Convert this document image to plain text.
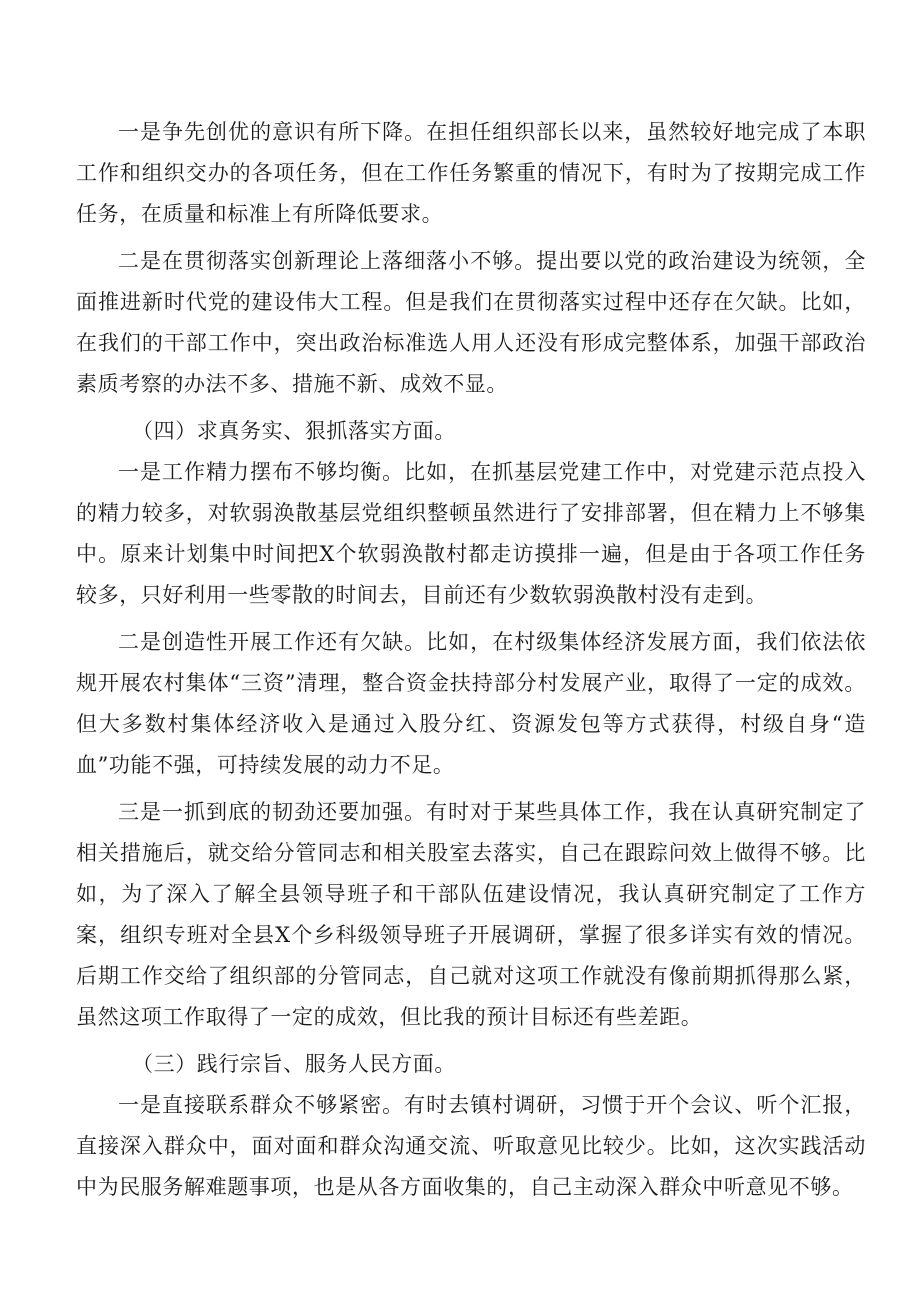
一是争先创优的意识有所下降。在担任组织部长以来，虽然较好地完成了本职工作和组织交办的各项任务，但在工作任务繁重的情况下，有时为了按期完成工作任务，在质量和标准上有所降低要求。

二是在贯彻落实创新理论上落细落小不够。提出要以党的政治建设为统领，全面推进新时代党的建设伟大工程。但是我们在贯彻落实过程中还存在欠缺。比如，在我们的干部工作中，突出政治标准选人用人还没有形成完整体系，加强干部政治素质考察的办法不多、措施不新、成效不显。

（四）求真务实、狠抓落实方面。

一是工作精力摆布不够均衡。比如，在抓基层党建工作中，对党建示范点投入的精力较多，对软弱涣散基层党组织整顿虽然进行了安排部署，但在精力上不够集中。原来计划集中时间把X个软弱涣散村都走访摸排一遍，但是由于各项工作任务较多，只好利用一些零散的时间去，目前还有少数软弱涣散村没有走到。

二是创造性开展工作还有欠缺。比如，在村级集体经济发展方面，我们依法依规开展农村集体“三资”清理，整合资金扶持部分村发展产业，取得了一定的成效。但大多数村集体经济收入是通过入股分红、资源发包等方式获得，村级自身“造血”功能不强，可持续发展的动力不足。

三是一抓到底的韧劲还要加强。有时对于某些具体工作，我在认真研究制定了相关措施后，就交给分管同志和相关股室去落实，自己在跟踪问效上做得不够。比如，为了深入了解全县领导班子和干部队伍建设情况，我认真研究制定了工作方案，组织专班对全县X个乡科级领导班子开展调研，掌握了很多详实有效的情况。后期工作交给了组织部的分管同志，自己就对这项工作就没有像前期抓得那么紧，虽然这项工作取得了一定的成效，但比我的预计目标还有些差距。

（三）践行宗旨、服务人民方面。

一是直接联系群众不够紧密。有时去镇村调研，习惯于开个会议、听个汇报，直接深入群众中，面对面和群众沟通交流、听取意见比较少。比如，这次实践活动中为民服务解难题事项，也是从各方面收集的，自己主动深入群众中听意见不够。
